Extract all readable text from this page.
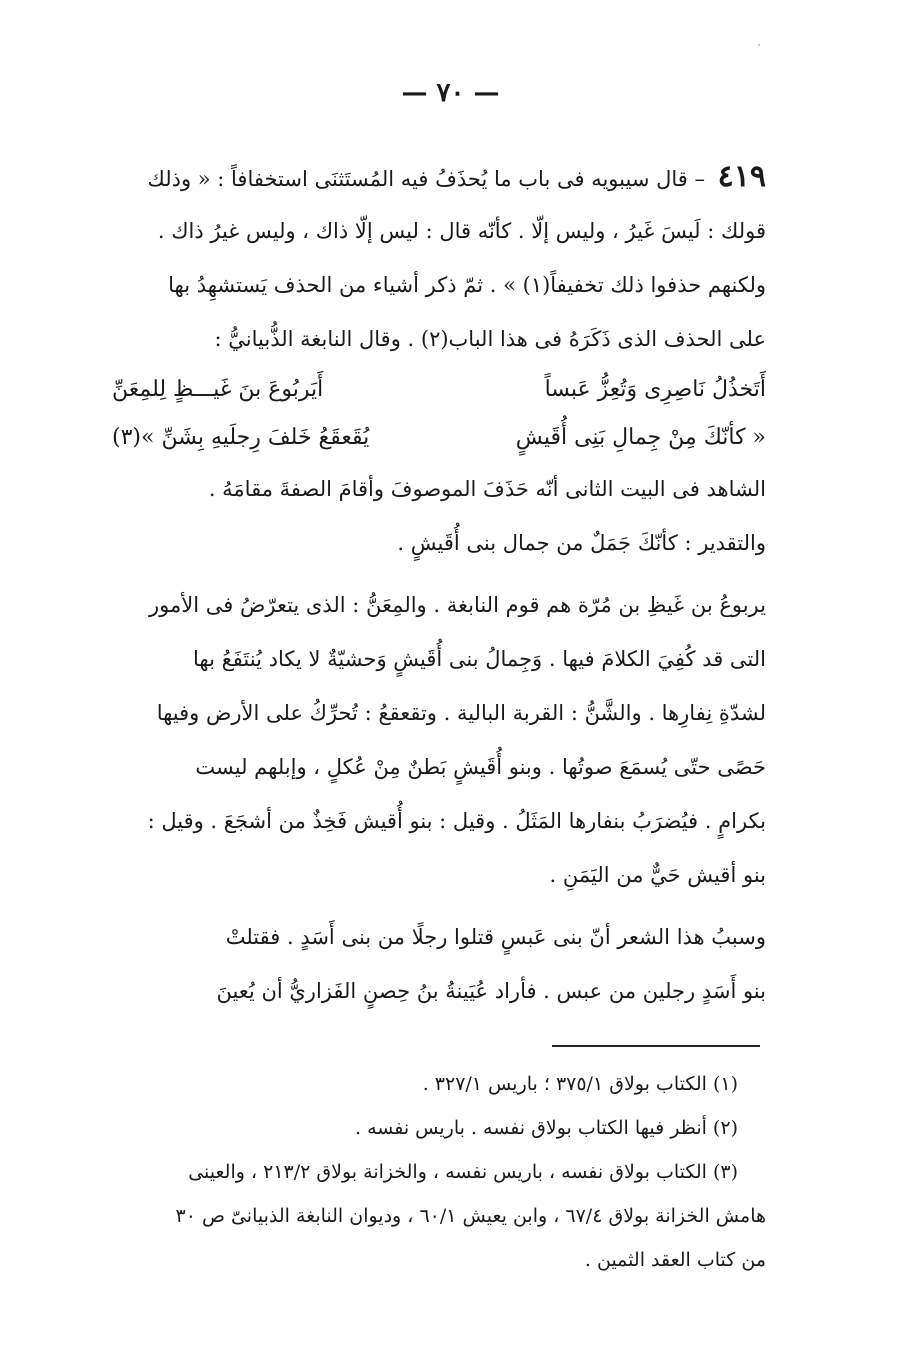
— ٧٠ —
٤١٩ – قال سيبويه فى باب ما يُحذَفُ فيه المُستَثنَى استخفافاً : « وذلك
قولك : لَيسَ غَيرُ ، وليس إلّا . كأنّه قال : ليس إلّا ذاك ، وليس غيرُ ذاك .
ولكنهم حذفوا ذلك تخفيفاً(١) » . ثمّ ذكر أشياء من الحذف يَستشهِدُ بها
على الحذف الذى ذَكَرَهُ فى هذا الباب(٢) . وقال النابغة الذُّبيانيُّ :
أَتَخذُلُ نَاصِرِى وَتُعِزُّ عَبساً
أَيَربُوعَ بنَ غَيـــظٍ لِلمِعَنِّ
« كأنّكَ مِنْ جِمالِ بَنِى أُقَيشٍ
يُقَعقَعُ خَلفَ رِجلَيهِ بِشَنِّ »(٣)
الشاهد فى البيت الثانى أنّه حَذَفَ الموصوفَ وأقامَ الصفةَ مقامَهُ .
والتقدير : كأنّكَ جَمَلٌ من جمال بنى أُقَيشٍ .
يربوعُ بن غَيظِ بن مُرّة هم قوم النابغة . والمِعَنُّ : الذى يتعرّضُ فى الأمور
التى قد كُفِيَ الكلامَ فيها . وَجِمالُ بنى أُقَيشٍ وَحشيّةٌ لا يكاد يُنتَفَعُ بها
لشدّةِ نِفارِها . والشَّنُّ : القربة البالية . وتقعقعُ : تُحرِّكُ على الأرض وفيها
حَصًى حتّى يُسمَعَ صوتُها . وبنو أُقَيشٍ بَطنٌ مِنْ عُكلٍ ، وإبلهم ليست
بكرامٍ . فيُضرَبُ بنفارها المَثَلُ . وقيل : بنو أُقيش فَخِذٌ من أشجَعَ . وقيل :
بنو أقيش حَيٌّ من اليَمَنِ .
وسببُ هذا الشعر أنّ بنى عَبسٍ قتلوا رجلًا من بنى أَسَدٍ . فقتلتْ
بنو أَسَدٍ رجلين من عبس . فأراد عُيَينةُ بنُ حِصنٍ الفَزاريُّ أن يُعينَ
(١) الكتاب بولاق ٣٧٥/١ ؛ باريس ٣٢٧/١ .
(٢) أنظر فيها الكتاب بولاق نفسه . باريس نفسه .
(٣) الكتاب بولاق نفسه ، باريس نفسه ، والخزانة بولاق ٢١٣/٢ ، والعينى
هامش الخزانة بولاق ٦٧/٤ ، وابن يعيش ٦٠/١ ، وديوان النابغة الذبيانىّ ص ٣٠
من كتاب العقد الثمين .
